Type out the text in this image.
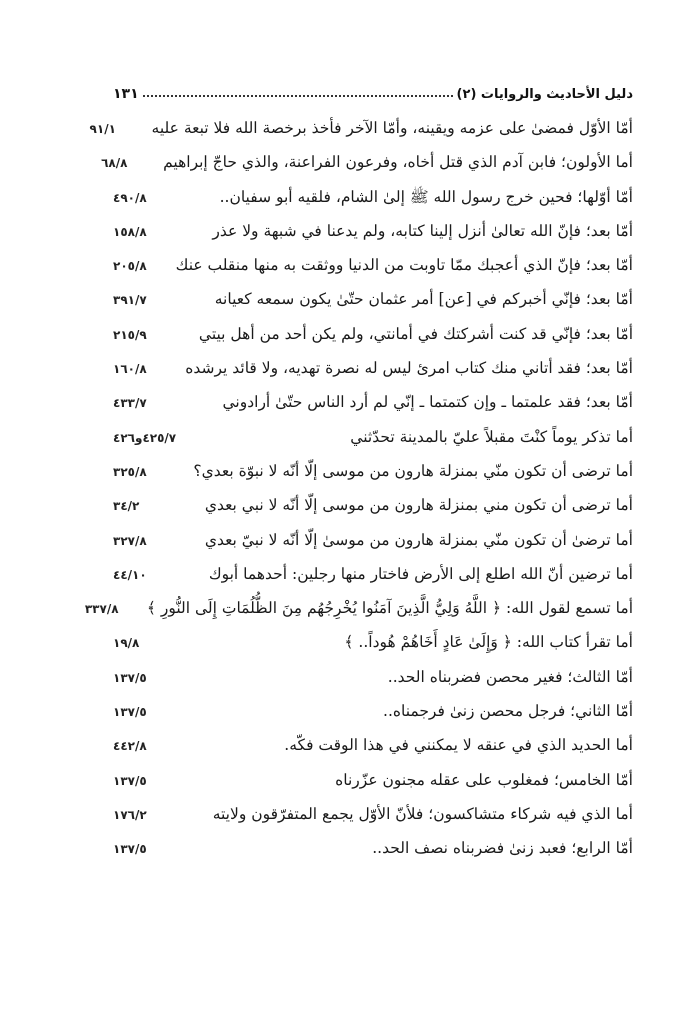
دليل الأحاديث والروايات (٢)
١٣١
أمّا الأوّل فمضىٰ على عزمه ويقينه، وأمّا الآخر فأخذ برخصة الله فلا تبعة عليه
٩١/١
أما الأولون؛ فابن آدم الذي قتل أخاه، وفرعون الفراعنة، والذي حاجّ إبراهيم
٦٨/٨
أمّا أوّلها؛ فحين خرج رسول الله ﷺ إلىٰ الشام، فلقيه أبو سفيان..
٤٩٠/٨
أمّا بعد؛ فإنّ الله تعالىٰ أنزل إلينا كتابه، ولم يدعنا في شبهة ولا عذر
١٥٨/٨
أمّا بعد؛ فإنّ الذي أعجبك ممّا تاوبت من الدنيا ووثقت به منها منقلب عنك
٢٠٥/٨
أمّا بعد؛ فإنّي أخبركم في [عن] أمر عثمان حتّىٰ يكون سمعه كعيانه
٣٩١/٧
أمّا بعد؛ فإنّي قد كنت أشركتك في أمانتي، ولم يكن أحد من أهل بيتي
٢١٥/٩
أمّا بعد؛ فقد أتاني منك كتاب امرئ ليس له نصرة تهديه، ولا قائد يرشده
١٦٠/٨
أمّا بعد؛ فقد علمتما ـ وإن كتمتما ـ إنّي لم أرد الناس حتّىٰ أرادوني
٤٣٣/٧
أما تذكر يوماً كنْتَ مقبلاً عليّ بالمدينة تحدّثني
٤٢٥/٧و٤٢٦
أما ترضى أن تكون منّي بمنزلة هارون من موسى إلّا أنّه لا نبوّة بعدي؟
٣٢٥/٨
أما ترضى أن تكون مني بمنزلة هارون من موسى إلّا أنّه لا نبي بعدي
٣٤/٢
أما ترضىٰ أن تكون منّي بمنزلة هارون من موسىٰ إلّا أنّه لا نبيّ بعدي
٣٢٧/٨
أما ترضين أنّ الله اطلع إلى الأرض فاختار منها رجلين: أحدهما أبوك
٤٤/١٠
أما تسمع لقول الله: ﴿ اللَّهُ وَلِيُّ الَّذِينَ آمَنُوا يُخْرِجُهُم مِنَ الظُّلُمَاتِ إِلَى النُّورِ ﴾
٣٣٧/٨
أما تقرأ كتاب الله: ﴿ وَإِلَىٰ عَادٍ أَخَاهُمْ هُوداً.. ﴾
١٩/٨
أمّا الثالث؛ فغير محصن فضربناه الحد..
١٣٧/٥
أمّا الثاني؛ فرجل محصن زنىٰ فرجمناه..
١٣٧/٥
أما الحديد الذي في عنقه لا يمكنني في هذا الوقت فكّه.
٤٤٢/٨
أمّا الخامس؛ فمغلوب على عقله مجنون عزّرناه
١٣٧/٥
أما الذي فيه شركاء متشاكسون؛ فلأنّ الأوّل يجمع المتفرّقون ولايته
١٧٦/٢
أمّا الرابع؛ فعبد زنىٰ فضربناه نصف الحد..
١٣٧/٥
